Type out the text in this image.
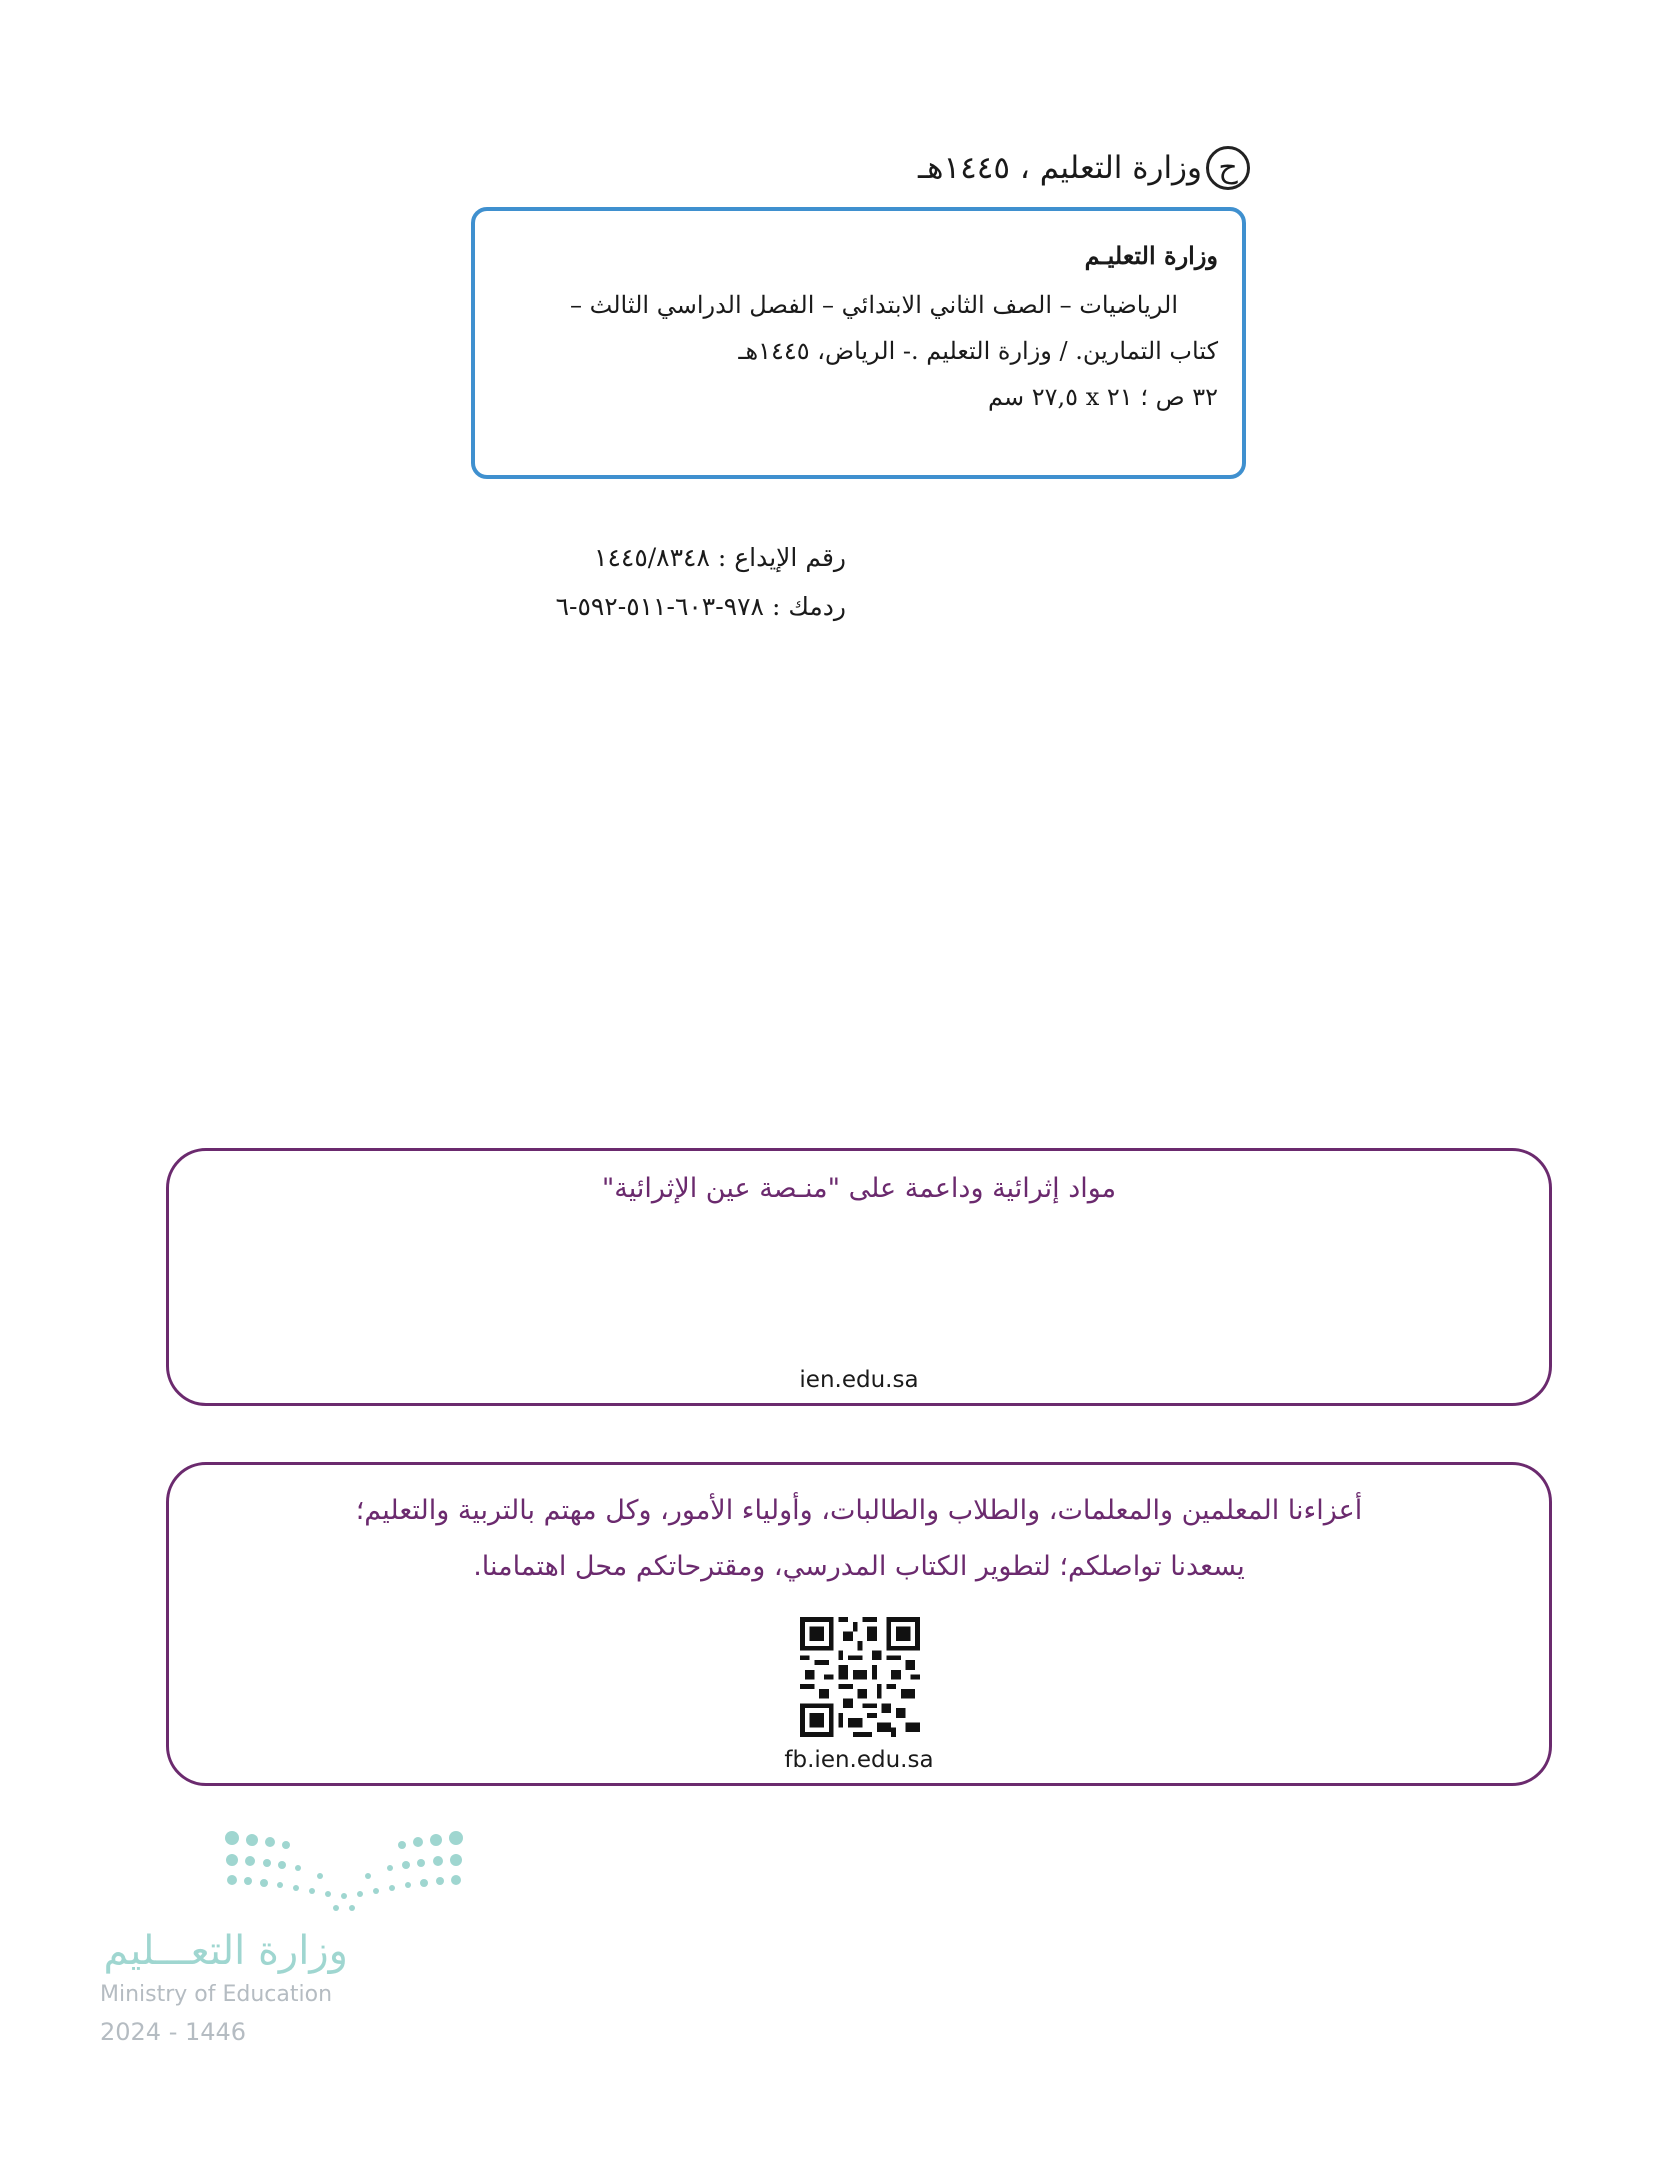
ح
وزارة التعليم ، ١٤٤٥هـ
وزارة التعليـم
الرياضيات – الصف الثاني الابتدائي – الفصل الدراسي الثالث –
كتاب التمارين. / وزارة التعليم .- الرياض، ١٤٤٥هـ
٣٢ ص ؛ ٢١ x ٢٧,٥ سم
رقم الإيداع : ١٤٤٥/٨٣٤٨
ردمك : ٩٧٨-٦٠٣-٥١١-٥٩٢-٦
مواد إثرائية وداعمة على "منـصة عين الإثرائية"
ien.edu.sa
أعزاءنا المعلمين والمعلمات، والطلاب والطالبات، وأولياء الأمور، وكل مهتم بالتربية والتعليم؛
يسعدنا تواصلكم؛ لتطوير الكتاب المدرسي، ومقترحاتكم محل اهتمامنا.
fb.ien.edu.sa
وزارة التعـــليم
Ministry of Education
2024 - 1446
